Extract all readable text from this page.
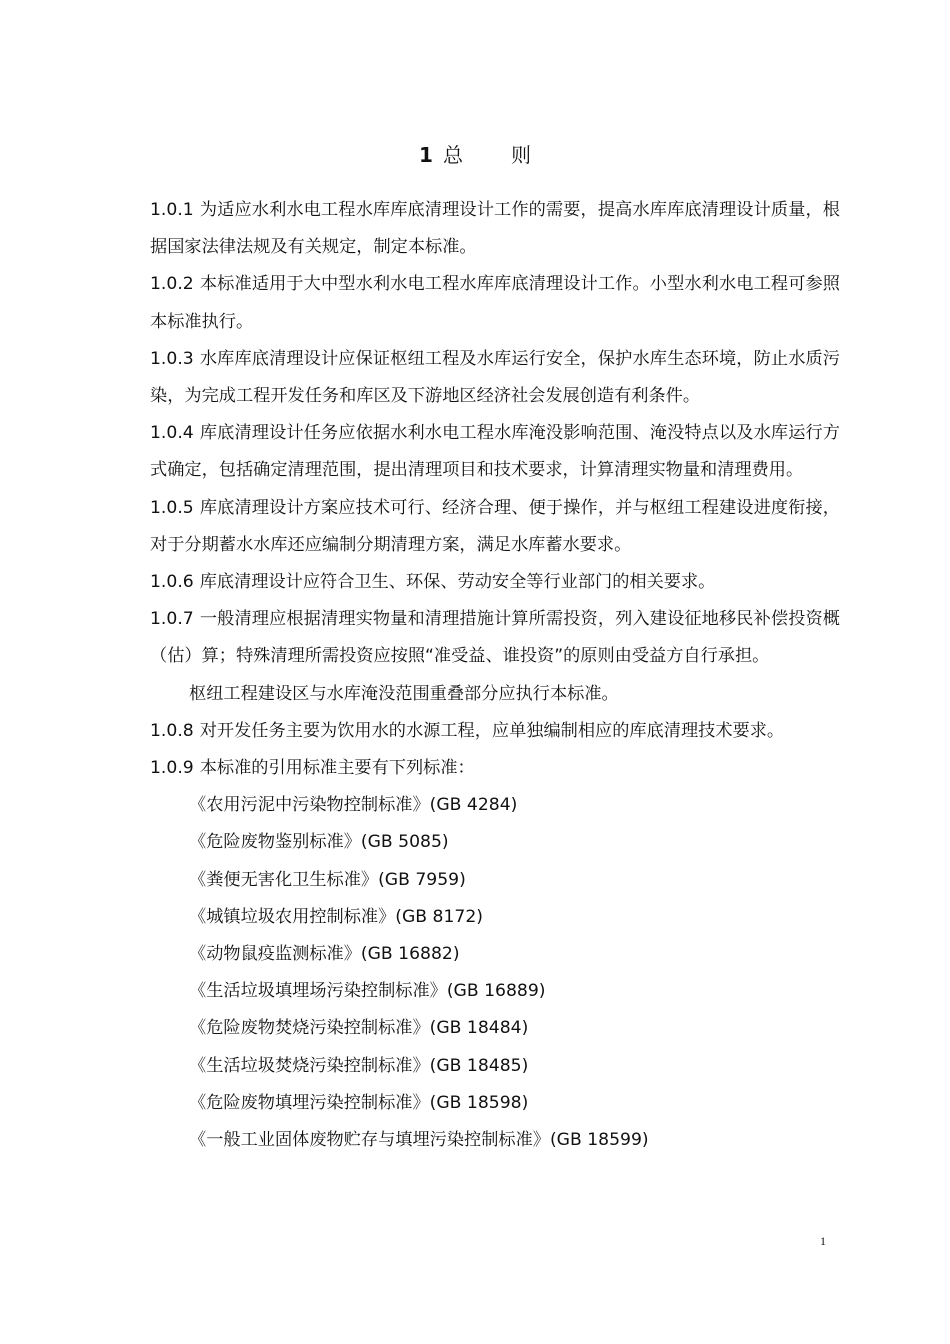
1 总 则

1.0.1 为适应水利水电工程水库库底清理设计工作的需要，提高水库库底清理设计质量，根据国家法律法规及有关规定，制定本标准。

1.0.2 本标准适用于大中型水利水电工程水库库底清理设计工作。小型水利水电工程可参照本标准执行。

1.0.3 水库库底清理设计应保证枢纽工程及水库运行安全，保护水库生态环境，防止水质污染，为完成工程开发任务和库区及下游地区经济社会发展创造有利条件。

1.0.4 库底清理设计任务应依据水利水电工程水库淹没影响范围、淹没特点以及水库运行方式确定，包括确定清理范围，提出清理项目和技术要求，计算清理实物量和清理费用。

1.0.5 库底清理设计方案应技术可行、经济合理、便于操作，并与枢纽工程建设进度衔接，对于分期蓄水水库还应编制分期清理方案，满足水库蓄水要求。

1.0.6 库底清理设计应符合卫生、环保、劳动安全等行业部门的相关要求。

1.0.7 一般清理应根据清理实物量和清理措施计算所需投资，列入建设征地移民补偿投资概（估）算；特殊清理所需投资应按照“准受益、谁投资”的原则由受益方自行承担。

枢纽工程建设区与水库淹没范围重叠部分应执行本标准。

1.0.8 对开发任务主要为饮用水的水源工程，应单独编制相应的库底清理技术要求。

1.0.9 本标准的引用标准主要有下列标准：

《农用污泥中污染物控制标准》(GB 4284)
《危险废物鉴别标准》(GB 5085)
《粪便无害化卫生标准》(GB 7959)
《城镇垃圾农用控制标准》(GB 8172)
《动物鼠疫监测标准》(GB 16882)
《生活垃圾填埋场污染控制标准》(GB 16889)
《危险废物焚烧污染控制标准》(GB 18484)
《生活垃圾焚烧污染控制标准》(GB 18485)
《危险废物填埋污染控制标准》(GB 18598)
《一般工业固体废物贮存与填埋污染控制标准》(GB 18599)
1
